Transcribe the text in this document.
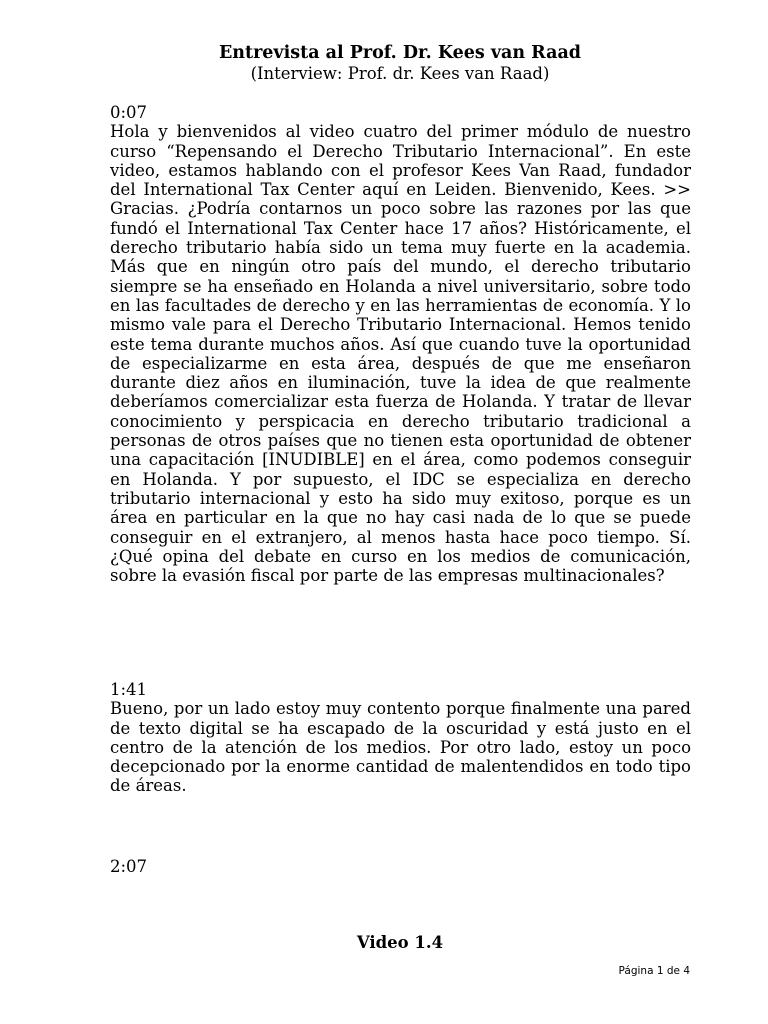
Entrevista al Prof. Dr. Kees van Raad
(Interview: Prof. dr. Kees van Raad)
0:07

Hola y bienvenidos al video cuatro del primer módulo de nuestro curso “Repensando el Derecho Tributario Internacional”. En este video, estamos hablando con el profesor Kees Van Raad, fundador del International Tax Center aquí en Leiden. Bienvenido, Kees. >> Gracias. ¿Podría contarnos un poco sobre las razones por las que fundó el International Tax Center hace 17 años? Históricamente, el derecho tributario había sido un tema muy fuerte en la academia. Más que en ningún otro país del mundo, el derecho tributario siempre se ha enseñado en Holanda a nivel universitario, sobre todo en las facultades de derecho y en las herramientas de economía. Y lo mismo vale para el Derecho Tributario Internacional. Hemos tenido este tema durante muchos años. Así que cuando tuve la oportunidad de especializarme en esta área, después de que me enseñaron durante diez años en iluminación, tuve la idea de que realmente deberíamos comercializar esta fuerza de Holanda. Y tratar de llevar conocimiento y perspicacia en derecho tributario tradicional a personas de otros países que no tienen esta oportunidad de obtener una capacitación [INUDIBLE] en el área, como podemos conseguir en Holanda. Y por supuesto, el IDC se especializa en derecho tributario internacional y esto ha sido muy exitoso, porque es un área en particular en la que no hay casi nada de lo que se puede conseguir en el extranjero, al menos hasta hace poco tiempo. Sí. ¿Qué opina del debate en curso en los medios de comunicación, sobre la evasión fiscal por parte de las empresas multinacionales?

1:41

Bueno, por un lado estoy muy contento porque finalmente una pared de texto digital se ha escapado de la oscuridad y está justo en el centro de la atención de los medios. Por otro lado, estoy un poco decepcionado por la enorme cantidad de malentendidos en todo tipo de áreas.

2:07
Video 1.4
Página 1 de 4
